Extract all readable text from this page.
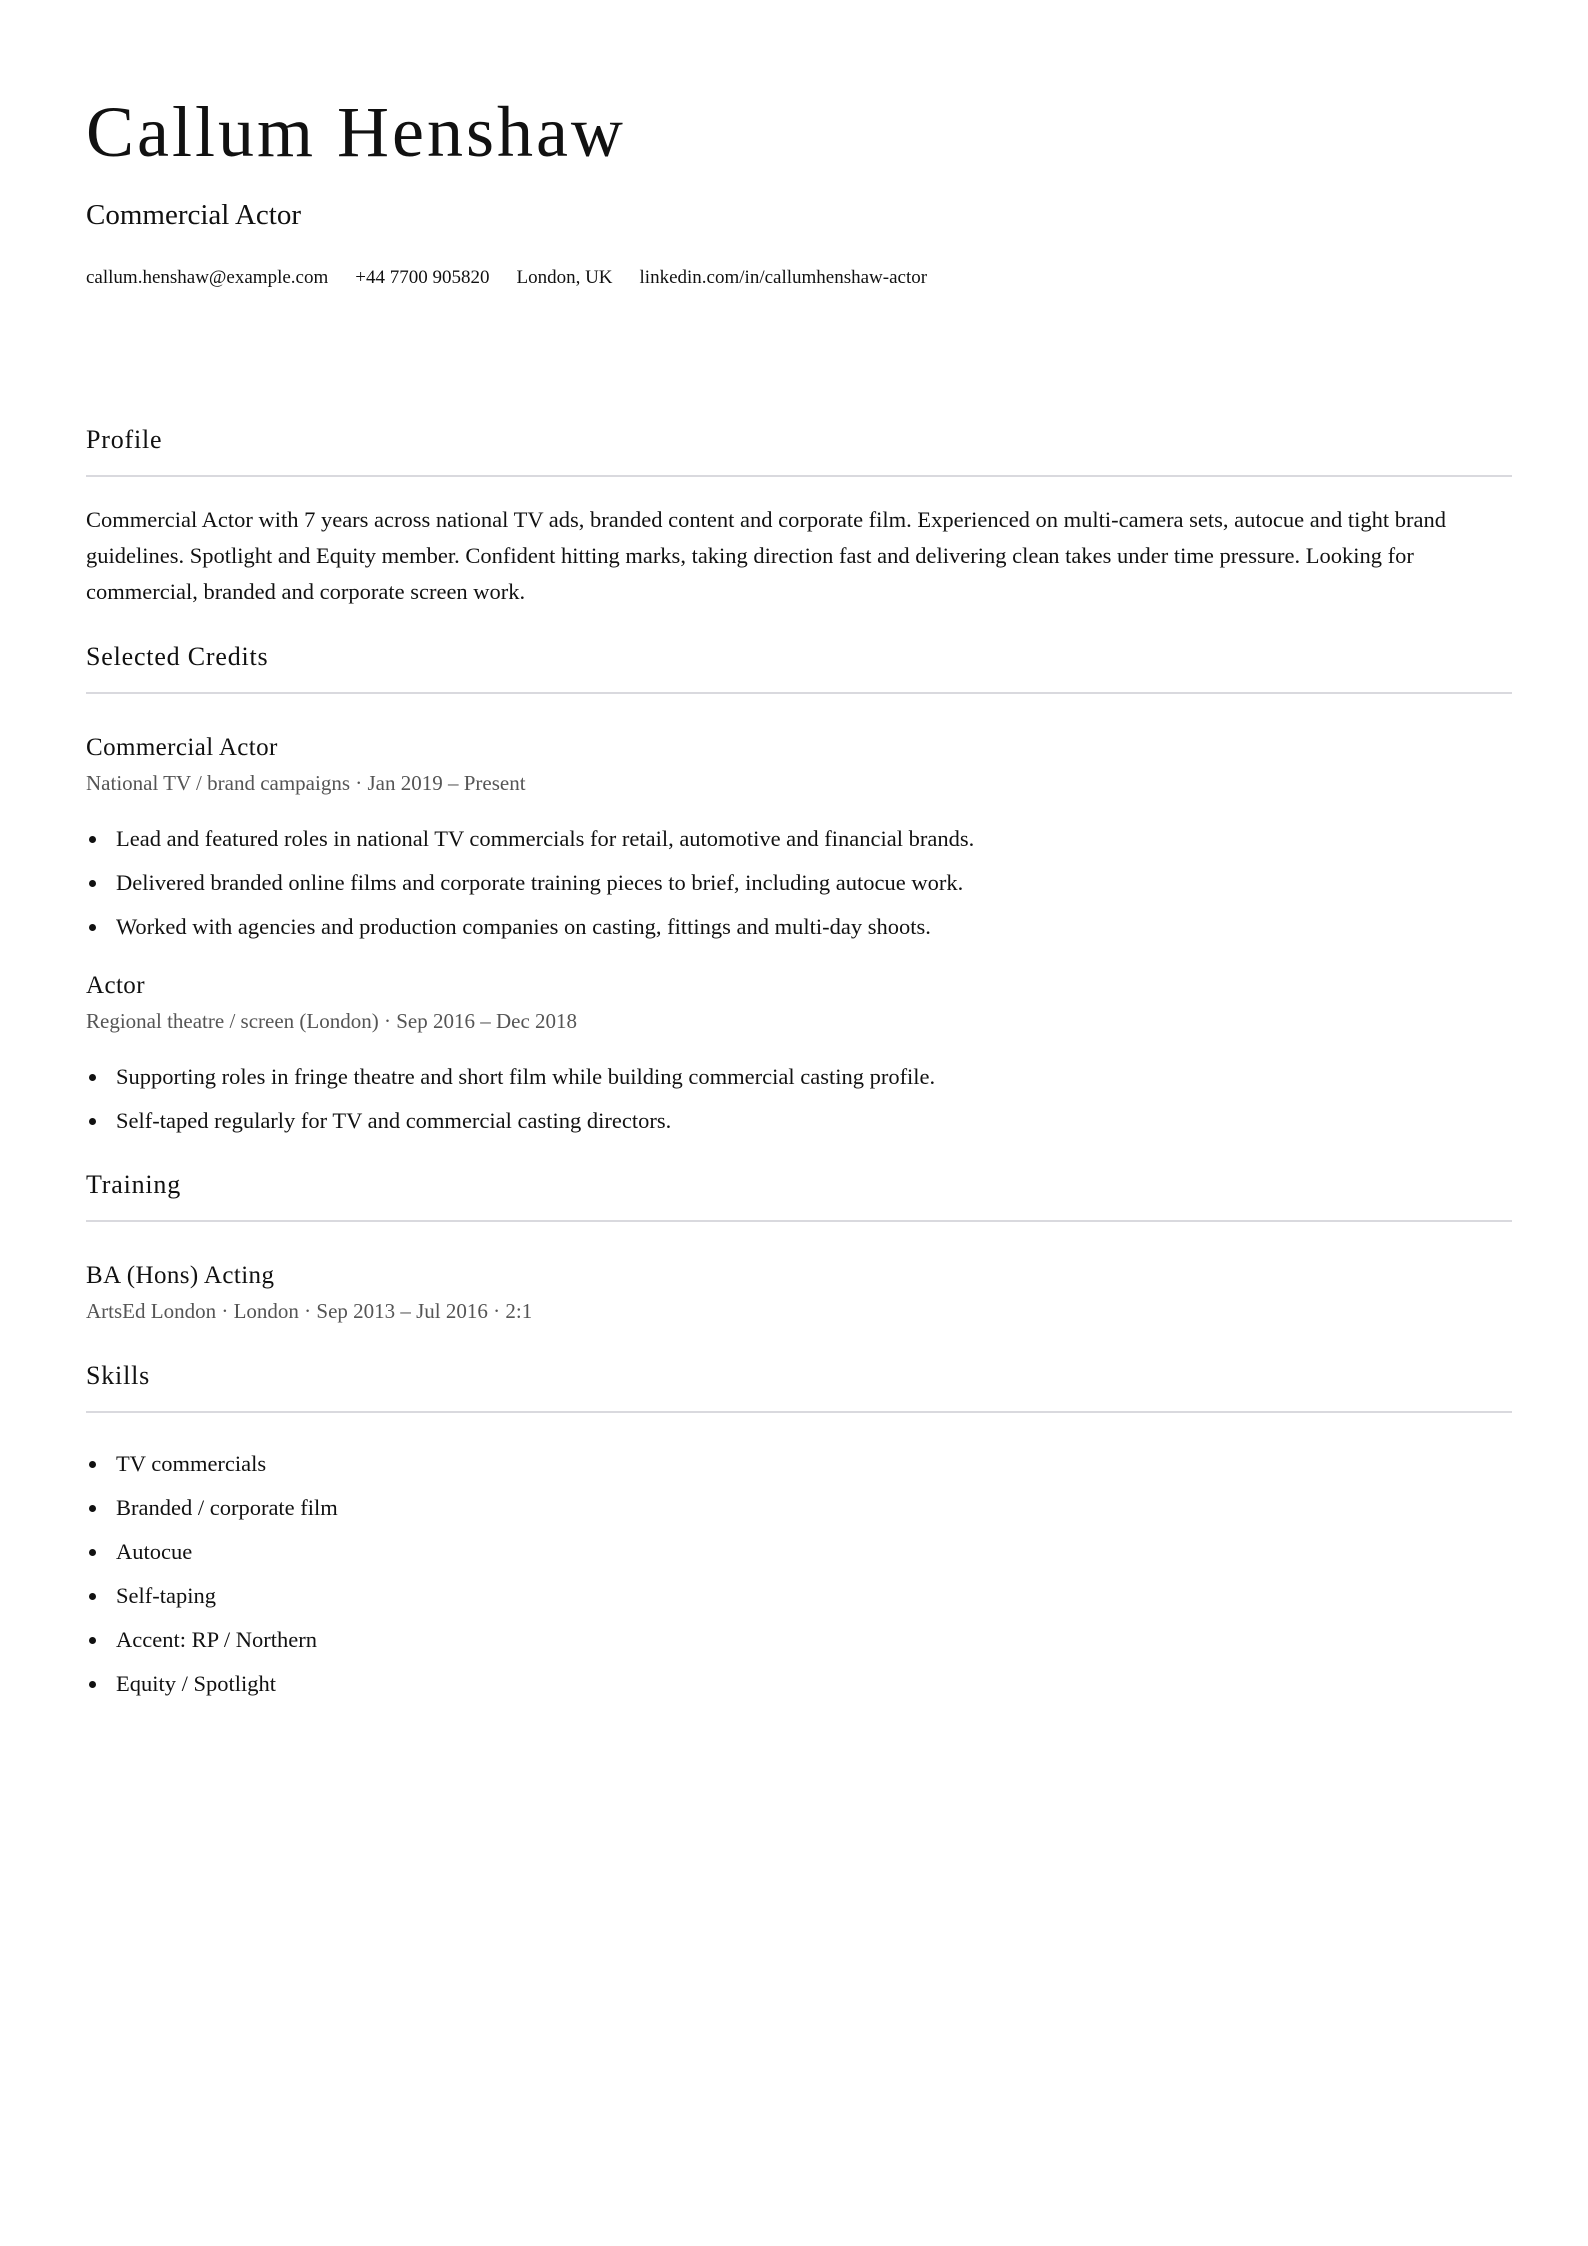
Callum Henshaw
Commercial Actor
callum.henshaw@example.com +44 7700 905820 London, UK linkedin.com/in/callumhenshaw-actor
Profile

Commercial Actor with 7 years across national TV ads, branded content and corporate film. Experienced on multi-camera sets, autocue and tight brand guidelines. Spotlight and Equity member. Confident hitting marks, taking direction fast and delivering clean takes under time pressure. Looking for commercial, branded and corporate screen work.

Selected Credits
Commercial Actor
National TV / brand campaigns · Jan 2019 – Present
Lead and featured roles in national TV commercials for retail, automotive and financial brands.
Delivered branded online films and corporate training pieces to brief, including autocue work.
Worked with agencies and production companies on casting, fittings and multi-day shoots.
Actor
Regional theatre / screen (London) · Sep 2016 – Dec 2018
Supporting roles in fringe theatre and short film while building commercial casting profile.
Self-taped regularly for TV and commercial casting directors.
Training
BA (Hons) Acting
ArtsEd London · London · Sep 2013 – Jul 2016 · 2:1
Skills
TV commercials
Branded / corporate film
Autocue
Self-taping
Accent: RP / Northern
Equity / Spotlight
